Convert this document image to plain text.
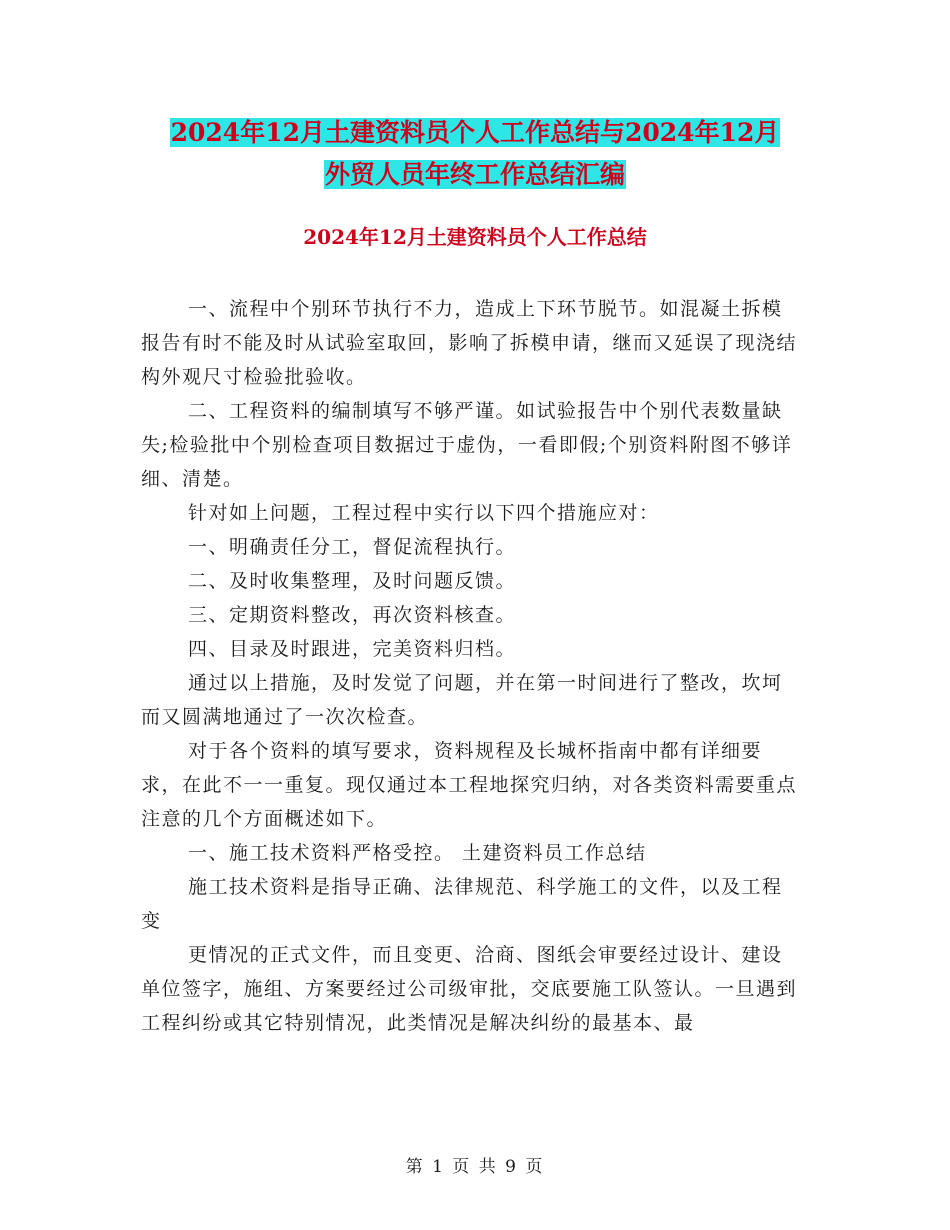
2024年12月土建资料员个人工作总结与2024年12月
外贸人员年终工作总结汇编
2024年12月土建资料员个人工作总结

一、流程中个别环节执行不力，造成上下环节脱节。如混凝土拆模报告有时不能及时从试验室取回，影响了拆模申请，继而又延误了现浇结构外观尺寸检验批验收。

二、工程资料的编制填写不够严谨。如试验报告中个别代表数量缺失;检验批中个别检查项目数据过于虚伪，一看即假;个别资料附图不够详细、清楚。

针对如上问题，工程过程中实行以下四个措施应对：

一、明确责任分工，督促流程执行。

二、及时收集整理，及时问题反馈。

三、定期资料整改，再次资料核查。

四、目录及时跟进，完美资料归档。

通过以上措施，及时发觉了问题，并在第一时间进行了整改，坎坷而又圆满地通过了一次次检查。

对于各个资料的填写要求，资料规程及长城杯指南中都有详细要求，在此不一一重复。现仅通过本工程地探究归纳，对各类资料需要重点注意的几个方面概述如下。

一、施工技术资料严格受控。 土建资料员工作总结

施工技术资料是指导正确、法律规范、科学施工的文件，以及工程变

更情况的正式文件，而且变更、洽商、图纸会审要经过设计、建设单位签字，施组、方案要经过公司级审批，交底要施工队签认。一旦遇到工程纠纷或其它特别情况，此类情况是解决纠纷的最基本、最

第 1 页 共 9 页
